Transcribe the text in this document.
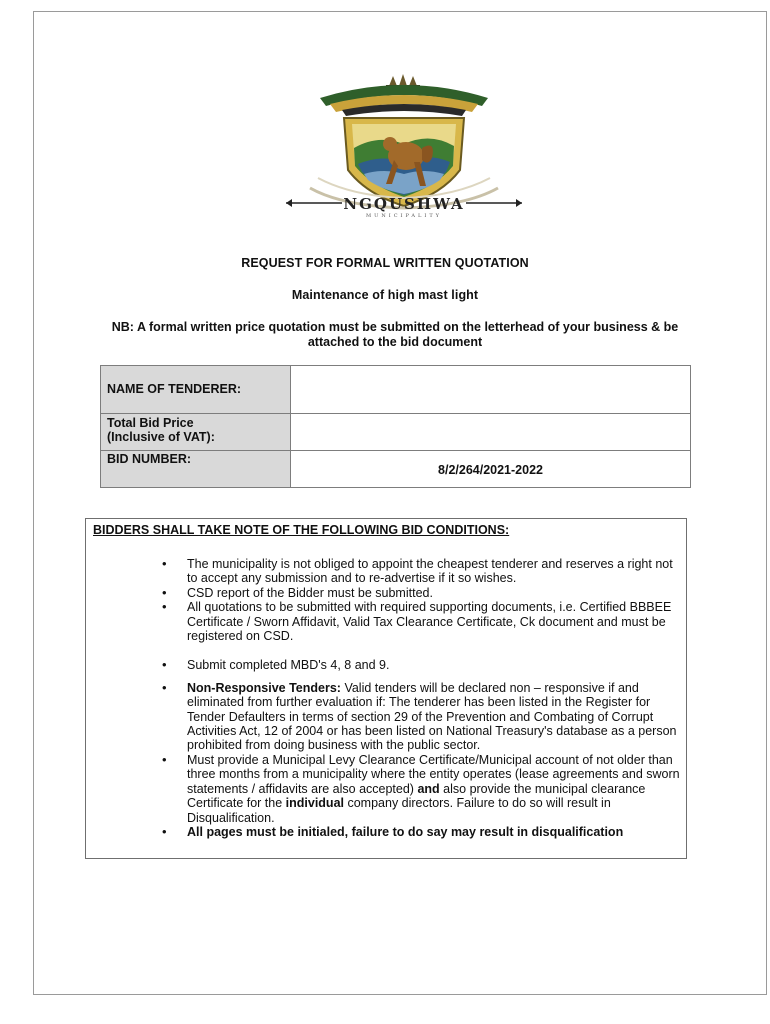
NGQUSHWA
MUNICIPALITY
REQUEST FOR FORMAL WRITTEN QUOTATION
Maintenance of high mast light
NB: A formal written price quotation must be submitted on the letterhead of your business & be attached to the bid document
NAME OF TENDERER:	

Total Bid Price
(Inclusive of VAT):	

BID NUMBER:	8/2/264/2021-2022
BIDDERS SHALL TAKE NOTE OF THE FOLLOWING BID CONDITIONS:
• The municipality is not obliged to appoint the cheapest tenderer and reserves a right not to accept any submission and to re-advertise if it so wishes.
• CSD report of the Bidder must be submitted.
• All quotations to be submitted with required supporting documents, i.e. Certified BBBEE Certificate / Sworn Affidavit, Valid Tax Clearance Certificate, Ck document and must be registered on CSD.
• Submit completed MBD's 4, 8 and 9.
• Non-Responsive Tenders: Valid tenders will be declared non – responsive if and eliminated from further evaluation if: The tenderer has been listed in the Register for Tender Defaulters in terms of section 29 of the Prevention and Combating of Corrupt Activities Act, 12 of 2004 or has been listed on National Treasury's database as a person prohibited from doing business with the public sector.
• Must provide a Municipal Levy Clearance Certificate/Municipal account of not older than three months from a municipality where the entity operates (lease agreements and sworn statements / affidavits are also accepted) and also provide the municipal clearance Certificate for the individual company directors. Failure to do so will result in Disqualification.
• All pages must be initialed, failure to do say may result in disqualification
